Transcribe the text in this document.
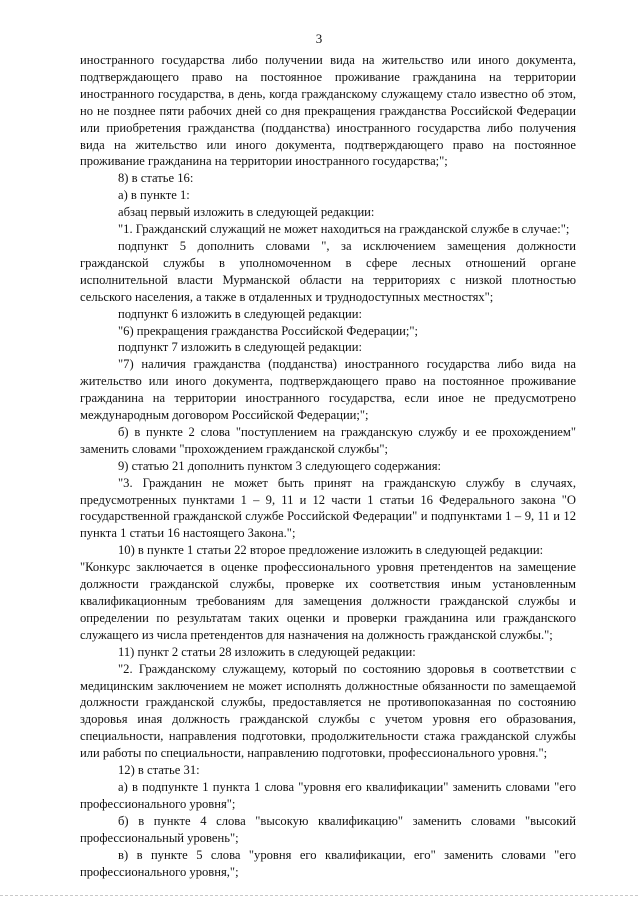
3

иностранного государства либо получении вида на жительство или иного документа, подтверждающего право на постоянное проживание гражданина на территории иностранного государства, в день, когда гражданскому служащему стало известно об этом, но не позднее пяти рабочих дней со дня прекращения гражданства Российской Федерации или приобретения гражданства (подданства) иностранного государства либо получения вида на жительство или иного документа, подтверждающего право на постоянное проживание гражданина на территории иностранного государства;";

8) в статье 16:

а) в пункте 1:

абзац первый изложить в следующей редакции:

"1. Гражданский служащий не может находиться на гражданской службе в случае:";

подпункт 5 дополнить словами ", за исключением замещения должности гражданской службы в уполномоченном в сфере лесных отношений органе исполнительной власти Мурманской области на территориях с низкой плотностью сельского населения, а также в отдаленных и труднодоступных местностях";

подпункт 6 изложить в следующей редакции:

"6) прекращения гражданства Российской Федерации;";

подпункт 7 изложить в следующей редакции:

"7) наличия гражданства (подданства) иностранного государства либо вида на жительство или иного документа, подтверждающего право на постоянное проживание гражданина на территории иностранного государства, если иное не предусмотрено международным договором Российской Федерации;";

б) в пункте 2 слова "поступлением на гражданскую службу и ее прохождением" заменить словами "прохождением гражданской службы";

9) статью 21 дополнить пунктом 3 следующего содержания:

"3. Гражданин не может быть принят на гражданскую службу в случаях, предусмотренных пунктами 1 – 9, 11 и 12 части 1 статьи 16 Федерального закона "О государственной гражданской службе Российской Федерации" и подпунктами 1 – 9, 11 и 12 пункта 1 статьи 16 настоящего Закона.";

10) в пункте 1 статьи 22 второе предложение изложить в следующей редакции:

"Конкурс заключается в оценке профессионального уровня претендентов на замещение должности гражданской службы, проверке их соответствия иным установленным квалификационным требованиям для замещения должности гражданской службы и определении по результатам таких оценки и проверки гражданина или гражданского служащего из числа претендентов для назначения на должность гражданской службы.";

11) пункт 2 статьи 28 изложить в следующей редакции:

"2. Гражданскому служащему, который по состоянию здоровья в соответствии с медицинским заключением не может исполнять должностные обязанности по замещаемой должности гражданской службы, предоставляется не противопоказанная по состоянию здоровья иная должность гражданской службы с учетом уровня его образования, специальности, направления подготовки, продолжительности стажа гражданской службы или работы по специальности, направлению подготовки, профессионального уровня.";

12) в статье 31:

а) в подпункте 1 пункта 1 слова "уровня его квалификации" заменить словами "его профессионального уровня";

б) в пункте 4 слова "высокую квалификацию" заменить словами "высокий профессиональный уровень";

в) в пункте 5 слова "уровня его квалификации, его" заменить словами "его профессионального уровня,";
